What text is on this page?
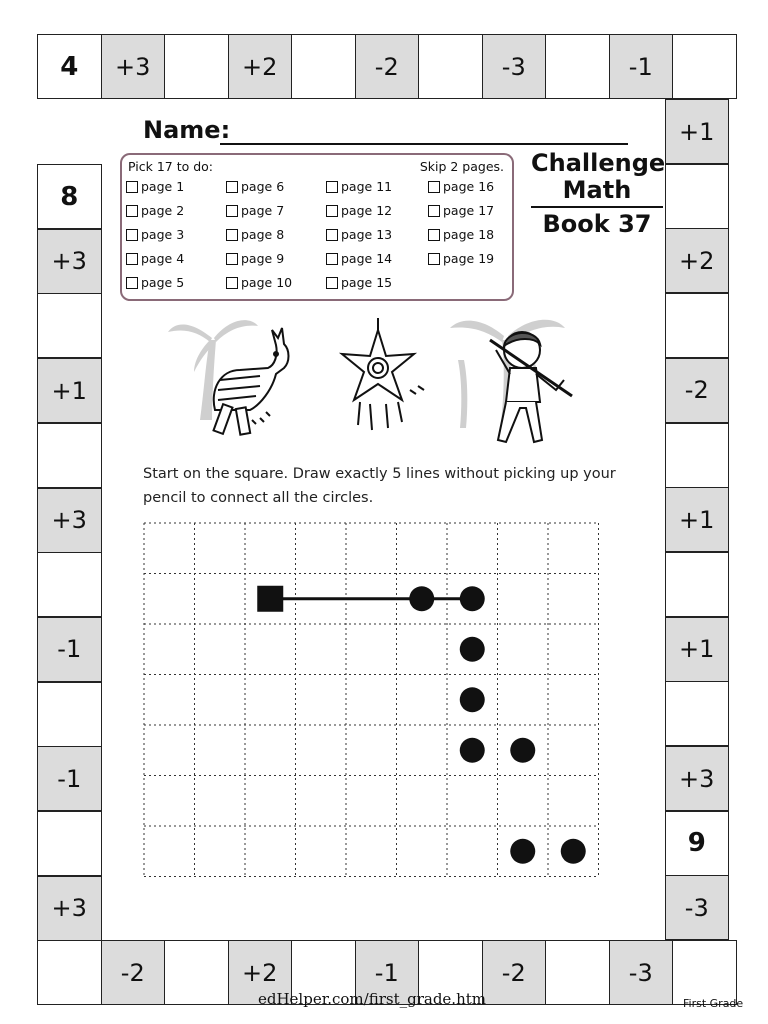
4	+3	+2	-2	-3	-1
-2	+2	-1	-2	-3
8
+3
+1
+3
-1
-1
+3
+1
+2
-2
+1
+1
+3
9
-3
Name:
Pick 17 to do:	Skip 2 pages.
page 1
page 2
page 3
page 4
page 5
page 6
page 7
page 8
page 9
page 10
page 11
page 12
page 13
page 14
page 15
page 16
page 17
page 18
page 19
Challenge
Math
Book 37
Start on the square. Draw exactly 5 lines without picking up your pencil to connect all the circles.
edHelper.com/first_grade.htm	First Grade
